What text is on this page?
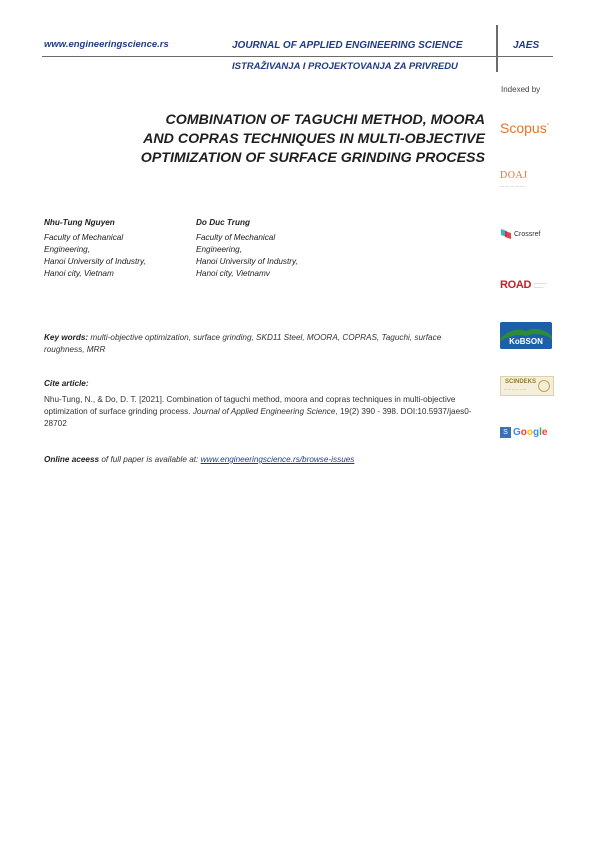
www.engineeringscience.rs	JOURNAL OF APPLIED ENGINEERING SCIENCE	JAES
ISTRAŽIVANJA I PROJEKTOVANJA ZA PRIVREDU
Indexed by
COMBINATION OF TAGUCHI METHOD, MOORA
AND COPRAS TECHNIQUES IN MULTI-OBJECTIVE
OPTIMIZATION OF SURFACE GRINDING PROCESS
Nhu-Tung Nguyen
Faculty of Mechanical
Engineering,
Hanoi University of Industry,
Hanoi city, Vietnam
Do Duc Trung
Faculty of Mechanical
Engineering,
Hanoi University of Industry,
Hanoi city, Vietnamv
Key words: multi-objective optimization, surface grinding, SKD11 Steel, MOORA, COPRAS, Taguchi, surface roughness, MRR
Cite article:
Nhu-Tung, N., & Do, D. T. [2021]. Combination of taguchi method, moora and copras techniques in multi-objective optimization of surface grinding process. Journal of Applied Engineering Science, 19(2) 390 - 398. DOI:10.5937/jaes0-28702
Online aceess of full paper is available at: www.engineeringscience.rs/browse-issues
Scopus°
DOAJ
— — — — —
Crossref
ROAD ———— ———
KoBSON
SCINDEKS
— — — — — —
S Google
